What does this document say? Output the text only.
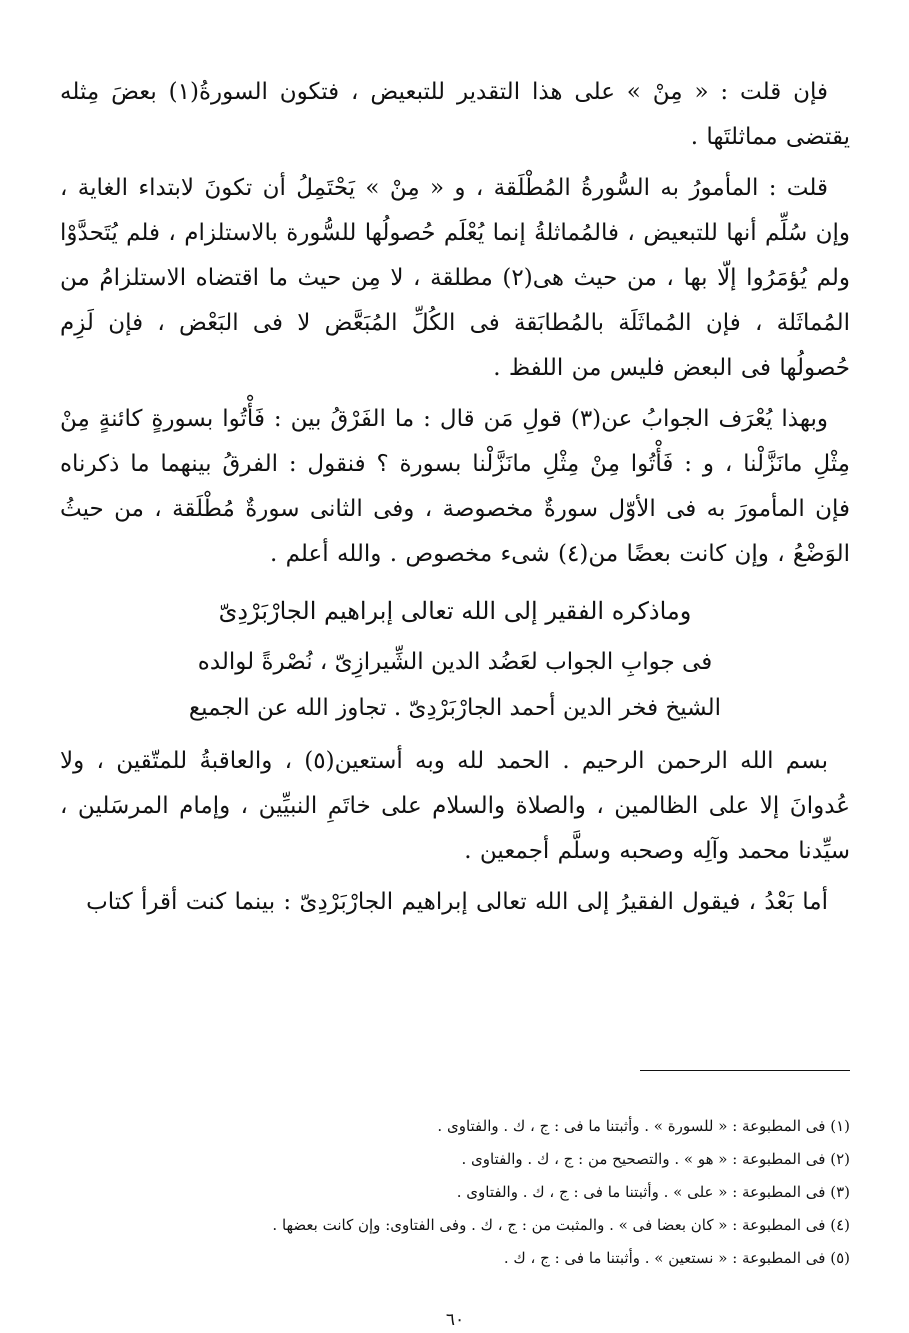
فإن قلت : « مِنْ » على هذا التقدير للتبعيض ، فتكون السورةُ(١) بعضَ مِثله يقتضى مماثلتَها .

قلت : المأمورُ به السُّورةُ المُطْلَقة ، و « مِنْ » يَحْتَمِلُ أن تكونَ لابتداء الغاية ، وإن سُلِّم أنها للتبعيض ، فالمُماثلةُ إنما يُعْلَم حُصولُها للسُّورة بالاستلزام ، فلم يُتَحدَّوْا ولم يُؤمَرُوا إلّا بها ، من حيث هى(٢) مطلقة ، لا مِن حيث ما اقتضاه الاستلزامُ من المُماثَلة ، فإن المُماثَلَة بالمُطابَقة فى الكُلِّ المُبَعَّض لا فى البَعْض ، فإن لَزِم حُصولُها فى البعض فليس من اللفظ .

وبهذا يُعْرَف الجوابُ عن(٣) قولِ مَن قال : ما الفَرْقُ بين : فَأْتُوا بسورةٍ كائنةٍ مِنْ مِثْلِ مانَزَّلْنا ، و : فَأْتُوا مِنْ مِثْلِ مانَزَّلْنا بسورة ؟ فنقول : الفرقُ بينهما ما ذكرناه فإن المأمورَ به فى الأوّل سورةٌ مخصوصة ، وفى الثانى سورةٌ مُطْلَقة ، من حيثُ الوَضْعُ ، وإن كانت بعضًا من(٤) شىء مخصوص . والله أعلم .

وماذكره الفقير إلى الله تعالى إبراهيم الجارْبَرْدِىّ
فى جوابِ الجواب لعَضُد الدين الشِّيرازِىّ ، نُصْرةً لوالده
الشيخ فخر الدين أحمد الجارْبَرْدِىّ . تجاوز الله عن الجميع

بسم الله الرحمن الرحيم . الحمد لله وبه أستعين(٥) ، والعاقبةُ للمتّقين ، ولا عُدوانَ إلا على الظالمين ، والصلاة والسلام على خاتَمِ النبيِّين ، وإمام المرسَلين ، سيِّدنا محمد وآلِه وصحبه وسلَّم أجمعين .

أما بَعْدُ ، فيقول الفقيرُ إلى الله تعالى إبراهيم الجارْبَرْدِىّ : بينما كنت أقرأ كتاب

(١) فى المطبوعة : « للسورة » . وأثبتنا ما فى : ج ، ك . والفتاوى .

(٢) فى المطبوعة : « هو » . والتصحيح من : ج ، ك . والفتاوى .

(٣) فى المطبوعة : « على » . وأثبتنا ما فى : ج ، ك . والفتاوى .

(٤) فى المطبوعة : « كان بعضا فى » . والمثبت من : ج ، ك . وفى الفتاوى: وإن كانت بعضها .

(٥) فى المطبوعة : « نستعين » . وأثبتنا ما فى : ج ، ك .

٦٠
